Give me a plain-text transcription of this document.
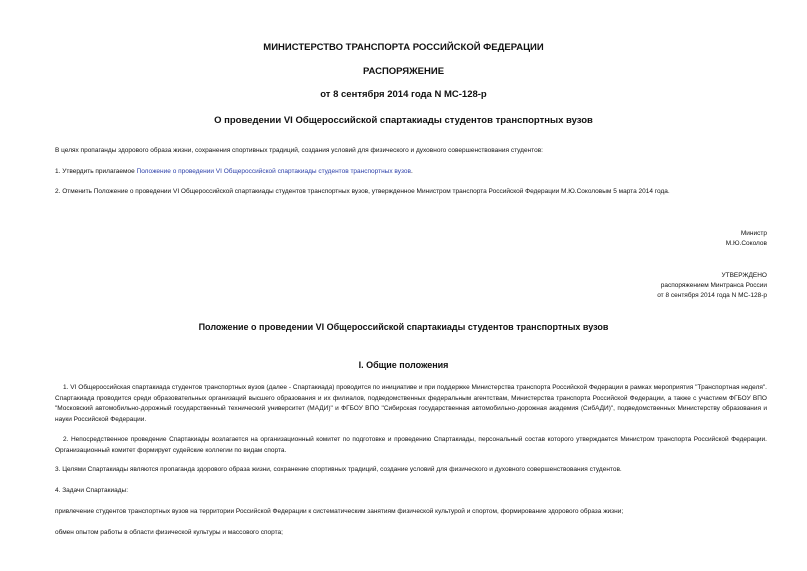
МИНИСТЕРСТВО ТРАНСПОРТА РОССИЙСКОЙ ФЕДЕРАЦИИ
РАСПОРЯЖЕНИЕ
от 8 сентября 2014 года N МС-128-р
О проведении VI Общероссийской спартакиады студентов транспортных вузов
В целях пропаганды здорового образа жизни, сохранения спортивных традиций, создания условий для физического и духовного совершенствования студентов:
1. Утвердить прилагаемое Положение о проведении VI Общероссийской спартакиады студентов транспортных вузов.
2. Отменить Положение о проведении VI Общероссийской спартакиады студентов транспортных вузов, утвержденное Министром транспорта Российской Федерации М.Ю.Соколовым 5 марта 2014 года.
Министр
М.Ю.Соколов
УТВЕРЖДЕНО
распоряжением Минтранса России
от 8 сентября 2014 года N МС-128-р
Положение о проведении VI Общероссийской спартакиады студентов транспортных вузов
I. Общие положения
1. VI Общероссийская спартакиада студентов транспортных вузов (далее - Спартакиада) проводится по инициативе и при поддержке Министерства транспорта Российской Федерации в рамках мероприятия "Транспортная неделя". Спартакиада проводится среди образовательных организаций высшего образования и их филиалов, подведомственных федеральным агентствам, Министерства транспорта Российской Федерации, а также с участием ФГБОУ ВПО "Московский автомобильно-дорожный государственный технический университет (МАДИ)" и ФГБОУ ВПО "Сибирская государственная автомобильно-дорожная академия (СибАДИ)", подведомственных Министерству образования и науки Российской Федерации.
2. Непосредственное проведение Спартакиады возлагается на организационный комитет по подготовке и проведению Спартакиады, персональный состав которого утверждается Министром транспорта Российской Федерации. Организационный комитет формирует судейские коллегии по видам спорта.
3. Целями Спартакиады являются пропаганда здорового образа жизни, сохранение спортивных традиций, создание условий для физического и духовного совершенствования студентов.
4. Задачи Спартакиады:
привлечение студентов транспортных вузов на территории Российской Федерации к систематическим занятиям физической культурой и спортом, формирование здорового образа жизни;
обмен опытом работы в области физической культуры и массового спорта;
